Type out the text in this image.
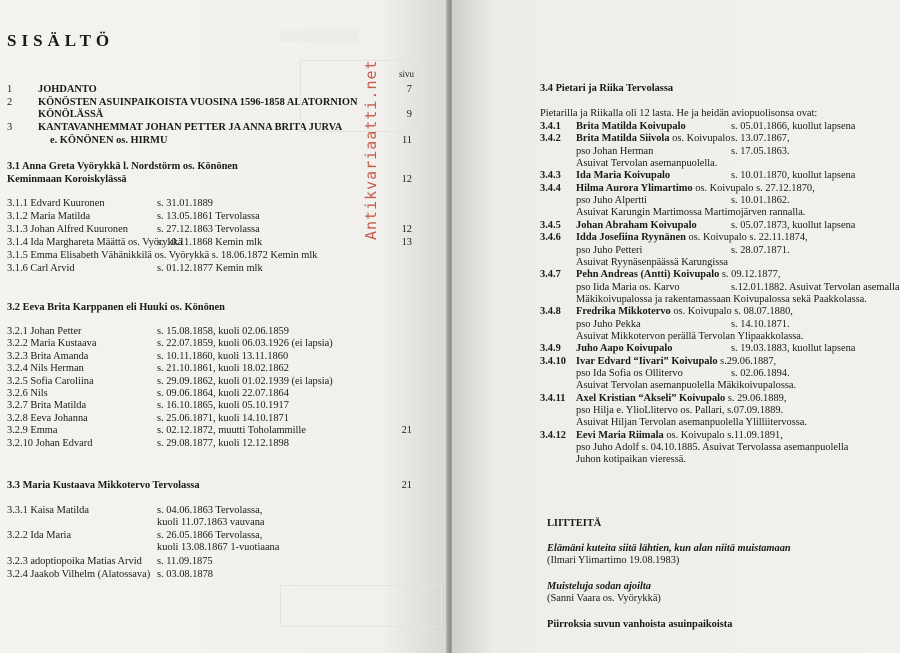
SISÄLTÖ
sivu
1 JOHDANTO	7
2 KÖNÖSTEN ASUINPAIKOISTA VUOSINA 1596-1858 ALATORNION
KÖNÖLÄSSÄ	9
3 KANTAVANHEMMAT JOHAN PETTER JA ANNA BRITA JURVA
e. KÖNÖNEN os. HIRMU	11
3.1 Anna Greta Vyörykkä l. Nordstörm os. Könönen
Keminmaan Koroiskylässä	12
3.1.1 Edvard Kuuronen	s. 31.01.1889
3.1.2 Maria Matilda	s. 13.05.1861 Tervolassa
3.1.3 Johan Alfred Kuuronen	s. 27.12.1863 Tervolassa	12
3.1.4 Ida Marghareta Määttä os. Vyörykkä
s. 10.11.1868 Kemin mlk	13
3.1.5 Emma Elisabeth Vähänikkilä os. Vyörykkä s. 18.06.1872 Kemin mlk
3.1.6 Carl Arvid	s. 01.12.1877 Kemin mlk
3.2 Eeva Brita Karppanen eli Huuki os. Könönen
3.2.1 Johan Petter	s. 15.08.1858, kuoli 02.06.1859
3.2.2 Maria Kustaava	s. 22.07.1859, kuoli 06.03.1926 (ei lapsia)
3.2.3 Brita Amanda	s. 10.11.1860, kuoli 13.11.1860
3.2.4 Nils Herman	s. 21.10.1861, kuoli 18.02.1862
3.2.5 Sofia Caroliina	s. 29.09.1862, kuoli 01.02.1939 (ei lapsia)
3.2.6 Nils	s. 09.06.1864, kuoli 22.07.1864
3.2.7 Brita Matilda	s. 16.10.1865, kuoli 05.10.1917
3.2.8 Eeva Johanna	s. 25.06.1871, kuoli 14.10.1871
3.2.9 Emma	s. 02.12.1872, muutti Toholammille	21
3.2.10 Johan Edvard	s. 29.08.1877, kuoli 12.12.1898
3.3 Maria Kustaava Mikkotervo Tervolassa	21
3.3.1 Kaisa Matilda	s. 04.06.1863 Tervolassa,
kuoli 11.07.1863 vauvana
3.2.2 Ida Maria	s. 26.05.1866 Tervolassa,
kuoli 13.08.1867 1-vuotiaana
3.2.3 adoptiopoika Matias Arvid s. 11.09.1875
3.2.4 Jaakob Vilhelm (Alatossava) s. 03.08.1878
░░░░░░░░░░
Antikvariaatti.net	3.4 Pietari ja Riika Tervolassa
Pietarilla ja Riikalla oli 12 lasta. He ja heidän aviopuolisonsa ovat:
3.4.1 Brita Matilda Koivupalo	s. 05.01.1866, kuollut lapsena
3.4.2 Brita Matilda Siivola os. Koivupalo s. 13.07.1867,
pso Johan Herman	s. 17.05.1863.
Asuivat Tervolan asemanpuolella.
3.4.3 Ida Maria Koivupalo	s. 10.01.1870, kuollut lapsena
3.4.4 Hilma Aurora Ylimartimo os. Koivupalo s. 27.12.1870,
pso Juho Alpertti	s. 10.01.1862.
Asuivat Karungin Martimossa Martimojärven rannalla.
3.4.5 Johan Abraham Koivupalo	s. 05.07.1873, kuollut lapsena
3.4.6 Idda Josefiina Ryynänen os. Koivupalo s. 22.11.1874,
pso Juho Petteri	s. 28.07.1871.
Asuivat Ryynäsenpäässä Karungissa
3.4.7 Pehn Andreas (Antti) Koivupalo s. 09.12.1877,
pso Iida Maria os. Karvo	s.12.01.1882. Asuivat Tervolan asemalla
Mäkikoivupalossa ja rakentamassaan Koivupalossa sekä Paakkolassa.
3.4.8 Fredrika Mikkotervo os. Koivupalo s. 08.07.1880,
pso Juho Pekka	s. 14.10.1871.
Asuivat Mikkotervon perällä Tervolan Ylipaakkolassa.
3.4.9 Juho Aapo Koivupalo	s. 19.03.1883, kuollut lapsena
3.4.10 Ivar Edvard “Iivari” Koivupalo s.29.06.1887,
pso Ida Sofia os Ollitervo	s. 02.06.1894.
Asuivat Tervolan asemanpuolella Mäkikoivupalossa.
3.4.11 Axel Kristian “Akseli” Koivupalo s. 29.06.1889,
pso Hilja e. YlioLlitervo os. Pallari, s.07.09.1889.
Asuivat Hiljan Tervolan asemanpuolella Ylilliitervossa.
3.4.12 Eevi Maria Riimala os. Koivupalo s.11.09.1891,
pso Juho Adolf s. 04.10.1885. Asuivat Tervolassa asemanpuolella
Juhon kotipaikan vieressä.
LIITTEITÄ
Elämäni kuteita siitä lähtien, kun alan niitä muistamaan
(Ilmari Ylimartimo 19.08.1983)
Muisteluja sodan ajoilta
(Sanni Vaara os. Vyörykkä)
Piirroksia suvun vanhoista asuinpaikoista
